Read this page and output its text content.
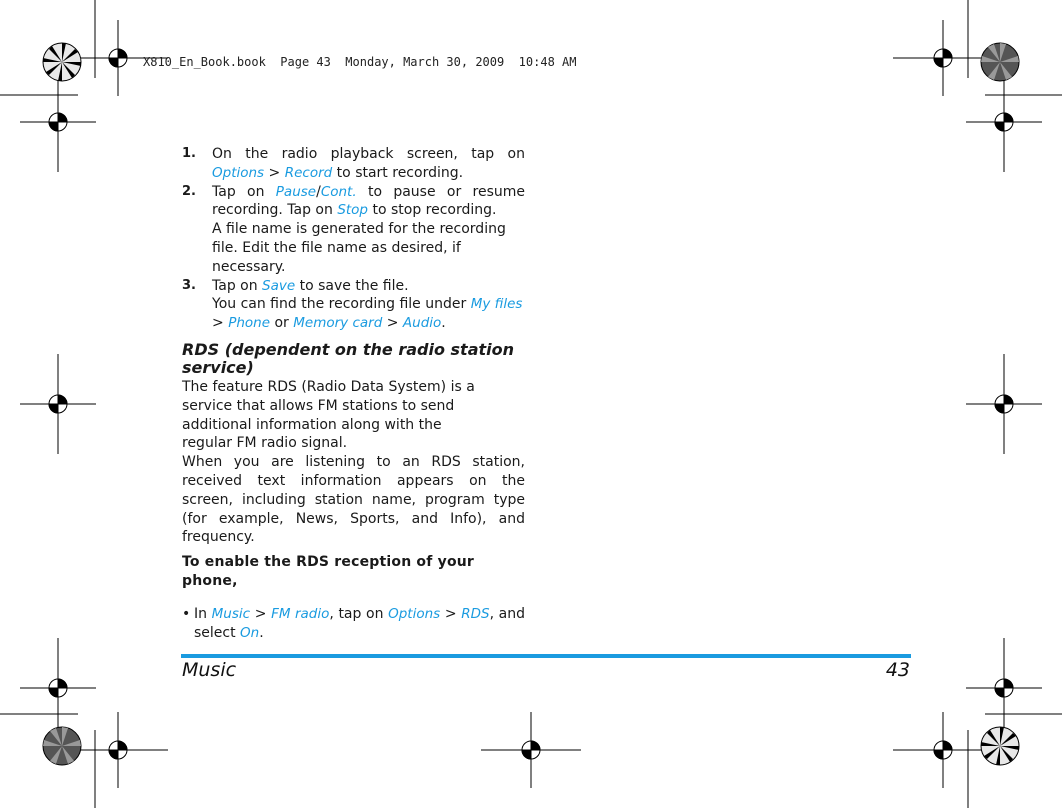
X810_En_Book.book  Page 43  Monday, March 30, 2009  10:48 AM
1. On the radio playback screen, tap on Options > Record to start recording.

2. Tap on Pause/Cont. to pause or resume recording. Tap on Stop to stop recording.

A file name is generated for the recording file. Edit the file name as desired, if necessary.

3. Tap on Save to save the file.

You can find the recording file under My files > Phone or Memory card > Audio.

RDS (dependent on the radio station service)

The feature RDS (Radio Data System) is a service that allows FM stations to send additional information along with the regular FM radio signal.

When you are listening to an RDS station, received text information appears on the screen, including station name, program type (for example, News, Sports, and Info), and frequency.

To enable the RDS reception of your phone,
• In Music > FM radio, tap on Options > RDS, and select On.

Music	43
